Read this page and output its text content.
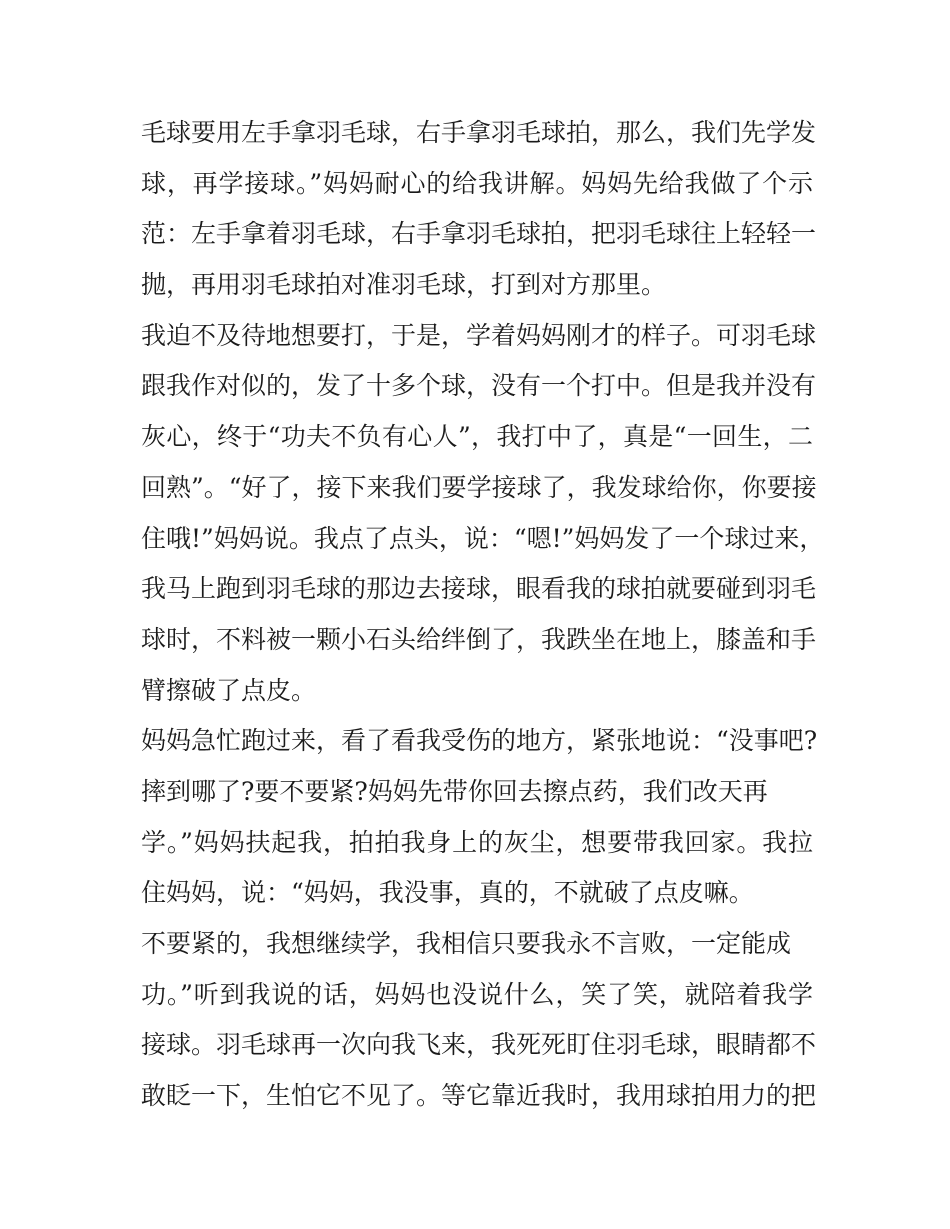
毛球要用左手拿羽毛球，右手拿羽毛球拍，那么，我们先学发
球，再学接球。”妈妈耐心的给我讲解。妈妈先给我做了个示
范：左手拿着羽毛球，右手拿羽毛球拍，把羽毛球往上轻轻一
抛，再用羽毛球拍对准羽毛球，打到对方那里。
我迫不及待地想要打，于是，学着妈妈刚才的样子。可羽毛球
跟我作对似的，发了十多个球，没有一个打中。但是我并没有
灰心，终于“功夫不负有心人”，我打中了，真是“一回生，二
回熟”。“好了，接下来我们要学接球了，我发球给你，你要接
住哦!”妈妈说。我点了点头，说：“嗯!”妈妈发了一个球过来，
我马上跑到羽毛球的那边去接球，眼看我的球拍就要碰到羽毛
球时，不料被一颗小石头给绊倒了，我跌坐在地上，膝盖和手
臂擦破了点皮。
妈妈急忙跑过来，看了看我受伤的地方，紧张地说：“没事吧?
摔到哪了?要不要紧?妈妈先带你回去擦点药，我们改天再
学。”妈妈扶起我，拍拍我身上的灰尘，想要带我回家。我拉
住妈妈，说：“妈妈，我没事，真的，不就破了点皮嘛。
不要紧的，我想继续学，我相信只要我永不言败，一定能成
功。”听到我说的话，妈妈也没说什么，笑了笑，就陪着我学
接球。羽毛球再一次向我飞来，我死死盯住羽毛球，眼睛都不
敢眨一下，生怕它不见了。等它靠近我时，我用球拍用力的把
